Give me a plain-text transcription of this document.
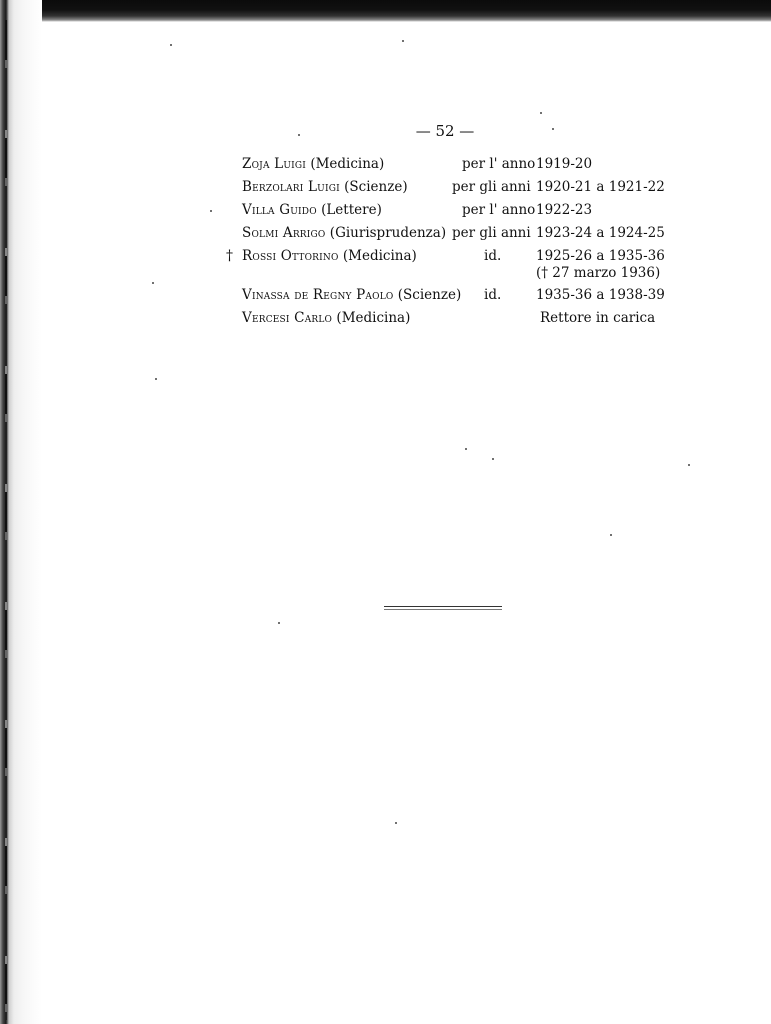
— 52 —
Zoja Luigi (Medicina)	per l' anno 1919-20
Berzolari Luigi (Scienze)	per gli anni 1920-21 a 1921-22
Villa Guido (Lettere)	per l' anno 1922-23
Solmi Arrigo (Giurisprudenza) per gli anni 1923-24 a 1924-25
† Rossi Ottorino (Medicina)	id.	1925-26 a 1935-36
(† 27 marzo 1936)
Vinassa de Regny Paolo (Scienze) id.	1935-36 a 1938-39
Vercesi Carlo (Medicina)	Rettore in carica
